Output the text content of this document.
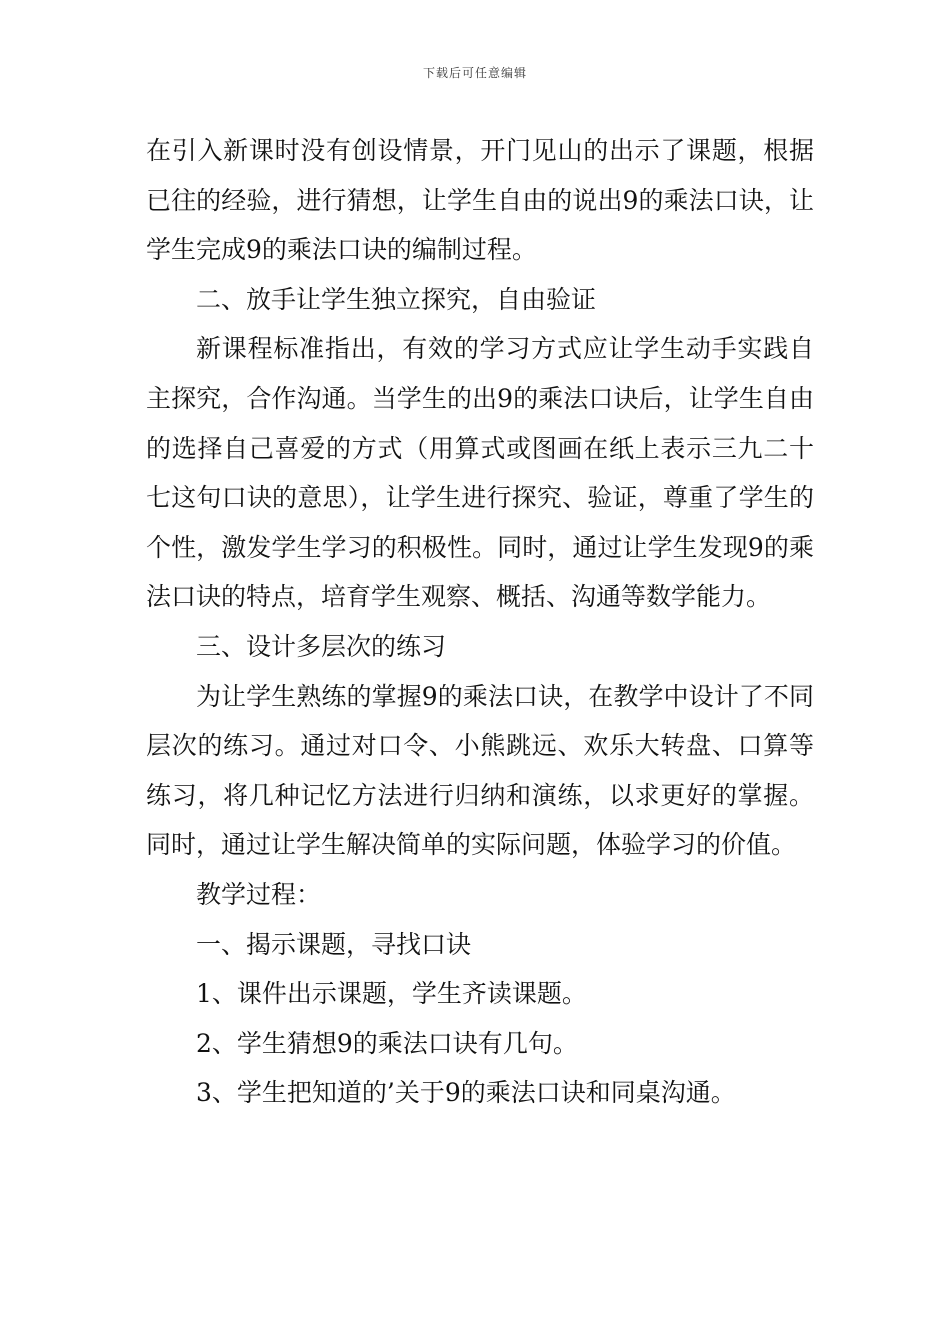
下载后可任意编辑

在引入新课时没有创设情景，开门见山的出示了课题，根据已往的经验，进行猜想，让学生自由的说出9的乘法口诀，让学生完成9的乘法口诀的编制过程。

二、放手让学生独立探究，自由验证

新课程标准指出，有效的学习方式应让学生动手实践自主探究，合作沟通。当学生的出9的乘法口诀后，让学生自由的选择自己喜爱的方式（用算式或图画在纸上表示三九二十七这句口诀的意思），让学生进行探究、验证，尊重了学生的个性，激发学生学习的积极性。同时，通过让学生发现9的乘法口诀的特点，培育学生观察、概括、沟通等数学能力。

三、设计多层次的练习

为让学生熟练的掌握9的乘法口诀，在教学中设计了不同层次的练习。通过对口令、小熊跳远、欢乐大转盘、口算等练习，将几种记忆方法进行归纳和演练，以求更好的掌握。同时，通过让学生解决简单的实际问题，体验学习的价值。

教学过程：

一、揭示课题，寻找口诀

1、课件出示课题，学生齐读课题。

2、学生猜想9的乘法口诀有几句。

3、学生把知道的’关于9的乘法口诀和同桌沟通。
